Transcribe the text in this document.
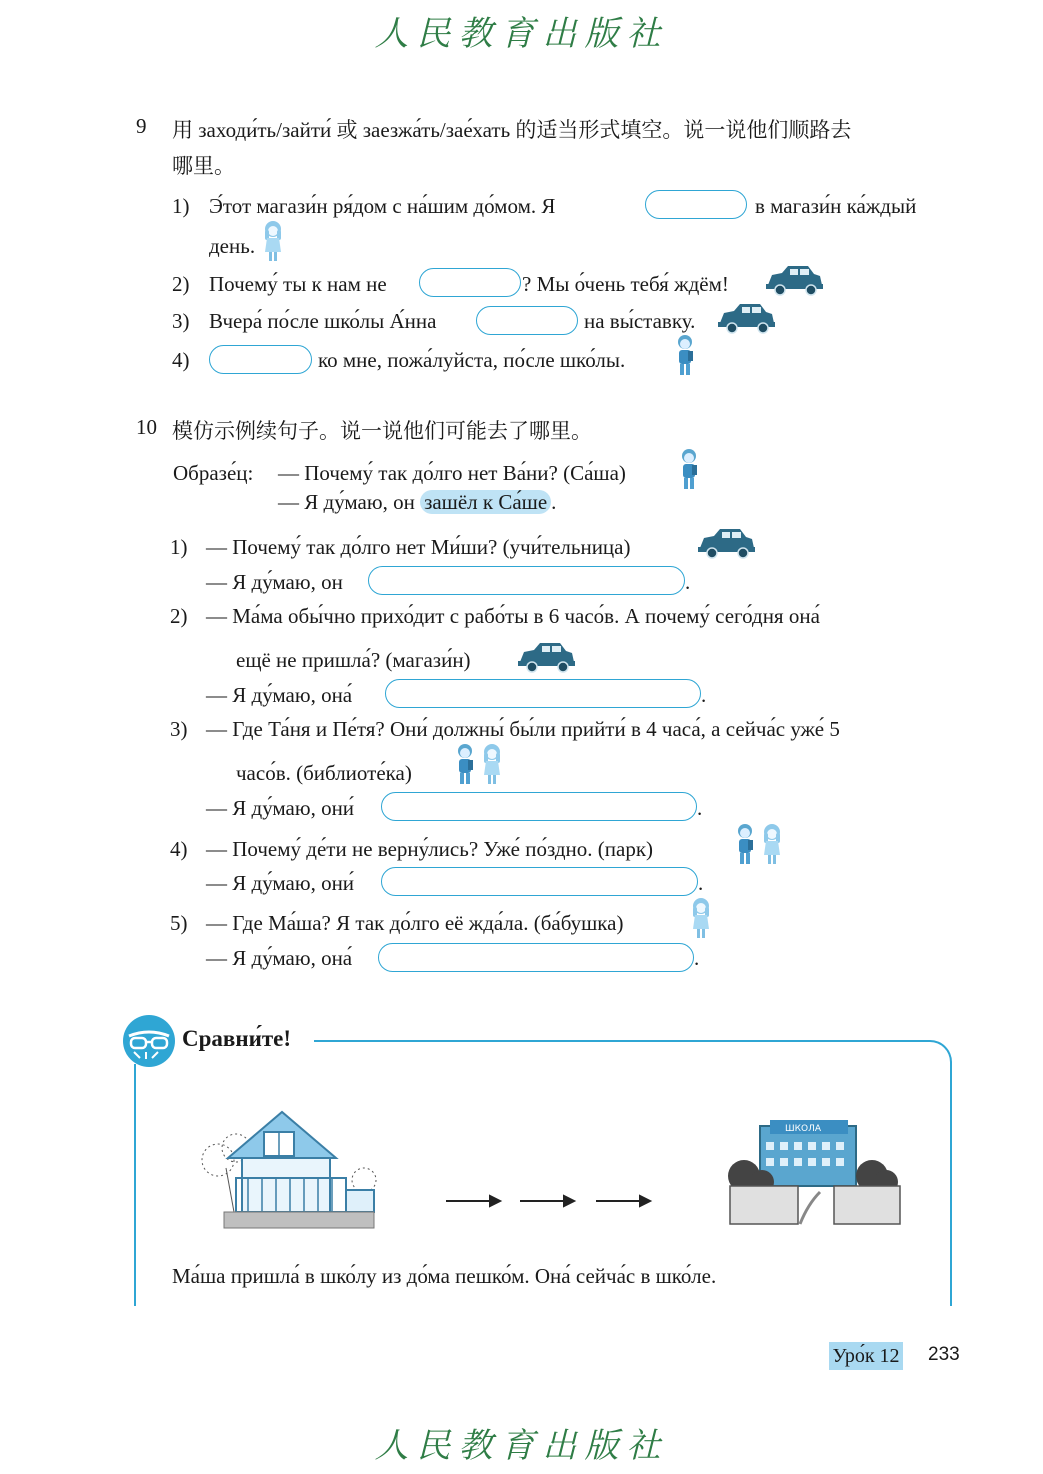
人民教育出版社
9 用 заходи́ть/зайти́ 或 заезжа́ть/зае́хать 的适当形式填空。说一说他们顺路去
哪里。
1) Э́тот магази́н ря́дом с на́шим до́мом. Я	в магази́н ка́ждый
день.
2) Почему́ ты к нам не	? Мы о́чень тебя́ ждём!
3) Вчера́ по́сле шко́лы А́нна	на вы́ставку.
4)	ко мне, пожа́луйста, по́сле шко́лы.
10 模仿示例续句子。说一说他们可能去了哪里。
Образе́ц: — Почему́ так до́лго нет Ва́ни? (Са́ша)
— Я ду́маю, он зашёл к Са́ше .
1) — Почему́ так до́лго нет Ми́ши? (учи́тельница)
— Я ду́маю, он	.
2) — Ма́ма обы́чно прихо́дит с рабо́ты в 6 часо́в. А почему́ сего́дня она́
ещё не пришла́? (магази́н)
— Я ду́маю, она́	.
3) — Где Та́ня и Пе́тя? Они́ должны́ бы́ли прийти́ в 4 часа́, а сейча́с уже́ 5
часо́в. (библиоте́ка)
— Я ду́маю, они́	.
4) — Почему́ де́ти не верну́лись? Уже́ по́здно. (парк)
— Я ду́маю, они́	.
5) — Где Ма́ша? Я так до́лго её жда́ла. (ба́бушка)
— Я ду́маю, она́	.
Сравни́те!
ШКОЛА
Ма́ша пришла́ в шко́лу из до́ма пешко́м. Она́ сейча́с в шко́ле.
Уро́к 12 233
人民教育出版社
